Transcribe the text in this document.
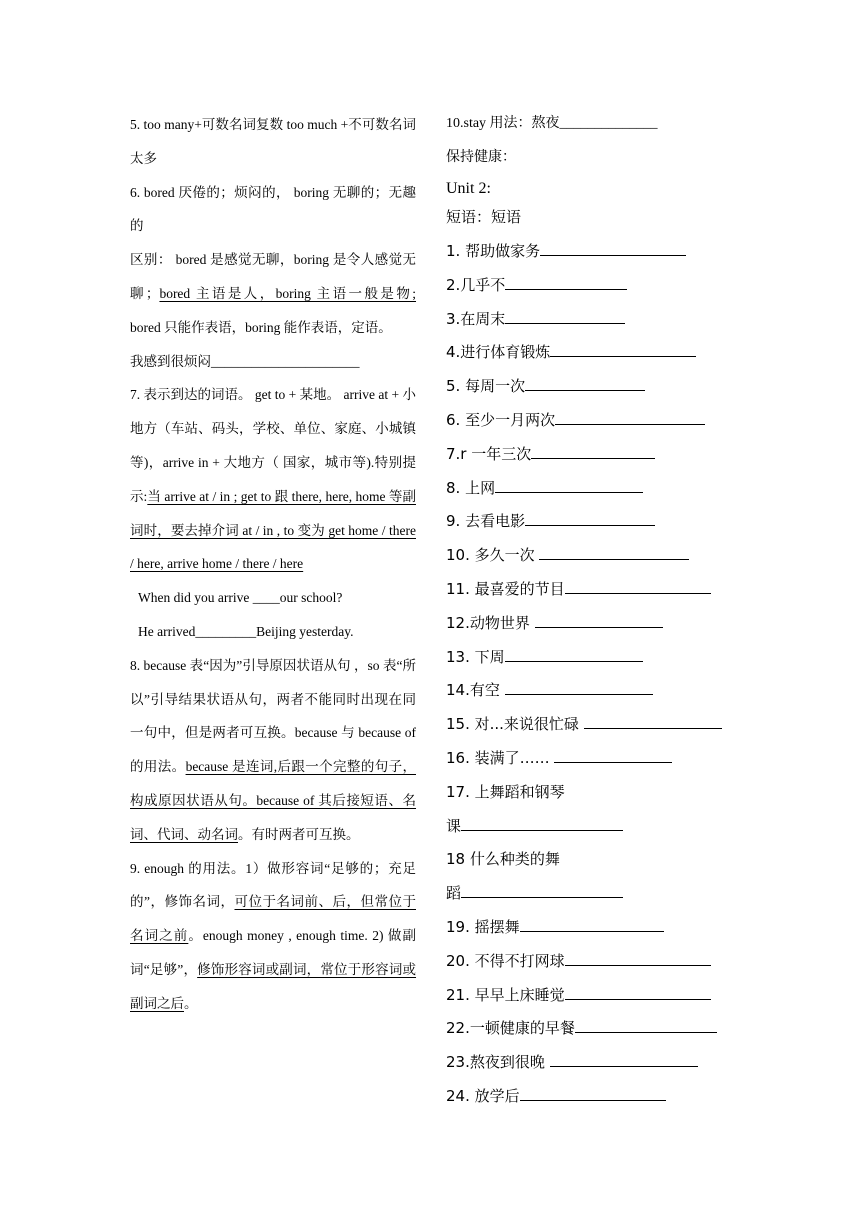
5. too many+可数名词复数 too much +不可数名词 太多

6. bored 厌倦的；烦闷的， boring 无聊的；无趣的

区别： bored 是感觉无聊，boring 是令人感觉无聊；bored 主语是人，boring 主语一般是物; bored 只能作表语，boring 能作表语，定语。

我感到很烦闷______________________

7. 表示到达的词语。 get to + 某地。 arrive at + 小地方（车站、码头，学校、单位、家庭、小城镇等)，arrive in + 大地方（ 国家，城市等).特别提示:当 arrive at / in ; get to 跟 there, here, home 等副词时，要去掉介词 at / in , to 变为 get home / there / here, arrive home / there / here

When did you arrive ____our school?

He arrived_________Beijing yesterday.

8. because 表“因为”引导原因状语从句 ，so 表“所以”引导结果状语从句，两者不能同时出现在同一句中，但是两者可互换。because 与 because of 的用法。because 是连词,后跟一个完整的句子，构成原因状语从句。because of 其后接短语、名词、代词、动名词。有时两者可互换。

9. enough 的用法。1）做形容词“足够的；充足的”，修饰名词，可位于名词前、后，但常位于名词之前。enough money , enough time. 2) 做副词“足够”，修饰形容词或副词，常位于形容词或副词之后。

10.stay 用法：熬夜______________
保持健康：
Unit 2:
短语：短语
1. 帮助做家务
2.几乎不
3.在周末
4.进行体育锻炼
5. 每周一次
6. 至少一月两次
7.r 一年三次
8. 上网
9. 去看电影
10. 多久一次
11. 最喜爱的节目
12.动物世界
13. 下周
14.有空
15. 对...来说很忙碌
16. 装满了……
17. 上舞蹈和钢琴
课
18 什么种类的舞
蹈
19. 摇摆舞
20. 不得不打网球
21. 早早上床睡觉
22.一顿健康的早餐
23.熬夜到很晚
24. 放学后
